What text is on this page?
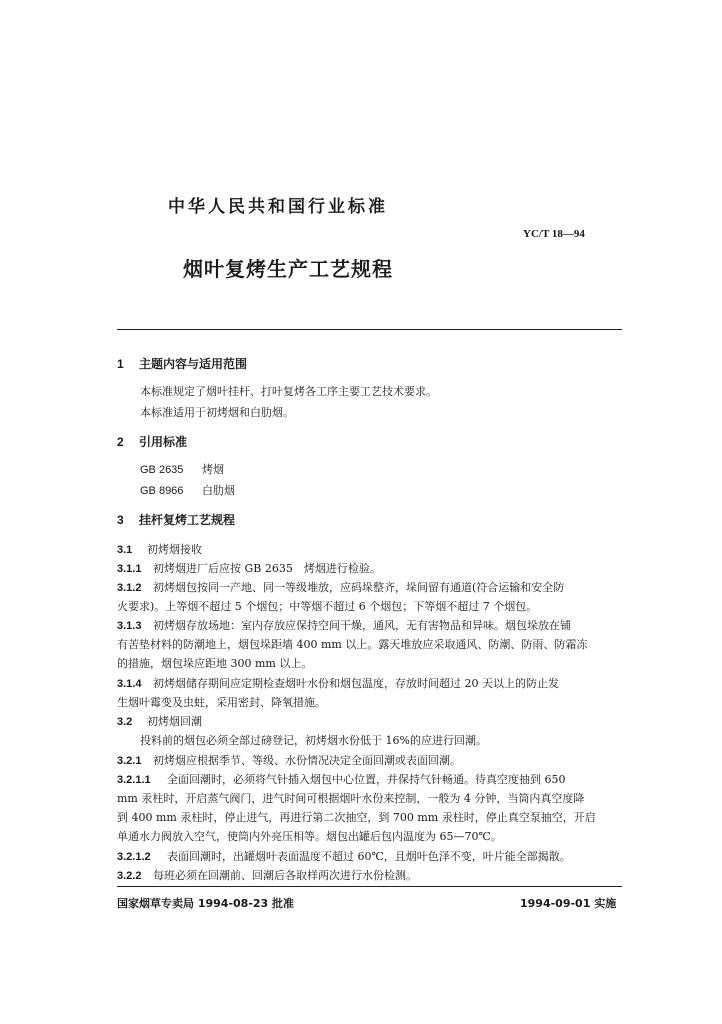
中华人民共和国行业标准
YC/T 18—94
烟叶复烤生产工艺规程
1 主题内容与适用范围
本标准规定了烟叶挂杆、打叶复烤各工序主要工艺技术要求。
本标准适用于初烤烟和白肋烟。
2 引用标准
GB 2635 烤烟
GB 8966 白肋烟
3 挂杆复烤工艺规程
3.1 初烤烟接收
3.1.1 初烤烟进厂后应按 GB 2635　烤烟进行检验。
3.1.2 初烤烟包按同一产地、同一等级堆放，应码垛整齐，垛间留有通道(符合运输和安全防
火要求)。上等烟不超过 5 个烟包；中等烟不超过 6 个烟包；下等烟不超过 7 个烟包。
3.1.3 初烤烟存放场地：室内存放应保持空间干燥，通风，无有害物品和异味。烟包垛放在铺
有苦垫材料的防潮地上，烟包垛距墙 400 mm 以上。露天堆放应采取通风、防潮、防雨、防霜冻
的措施，烟包垛应距地 300 mm 以上。
3.1.4 初烤烟储存期间应定期检查烟叶水份和烟包温度，存放时间超过 20 天以上的防止发
生烟叶霉变及虫蛀，采用密封、降氧措施。
3.2 初烤烟回潮
投料前的烟包必须全部过磅登记，初烤烟水份低于 16%的应进行回潮。
3.2.1 初烤烟应根据季节、等级、水份情况决定全面回潮或表面回潮。
3.2.1.1 全面回潮时，必须将气针插入烟包中心位置，并保持气针畅通。待真空度抽到 650
mm 汞柱时，开启蒸气阀门，进气时间可根据烟叶水份来控制，一般为 4 分钟，当筒内真空度降
到 400 mm 汞柱时，停止进气，再进行第二次抽空，到 700 mm 汞柱时，停止真空泵抽空，开启
单通水力阀放入空气，使筒内外亮压相等。烟包出罐后包内温度为 65—70℃。
3.2.1.2 表面回潮时，出罐烟叶表面温度不超过 60℃，且烟叶色泽不变，叶片能全部揭散。
3.2.2 每班必须在回潮前、回潮后各取样两次进行水份检测。
国家烟草专卖局 1994-08-23 批准	1994-09-01 实施
